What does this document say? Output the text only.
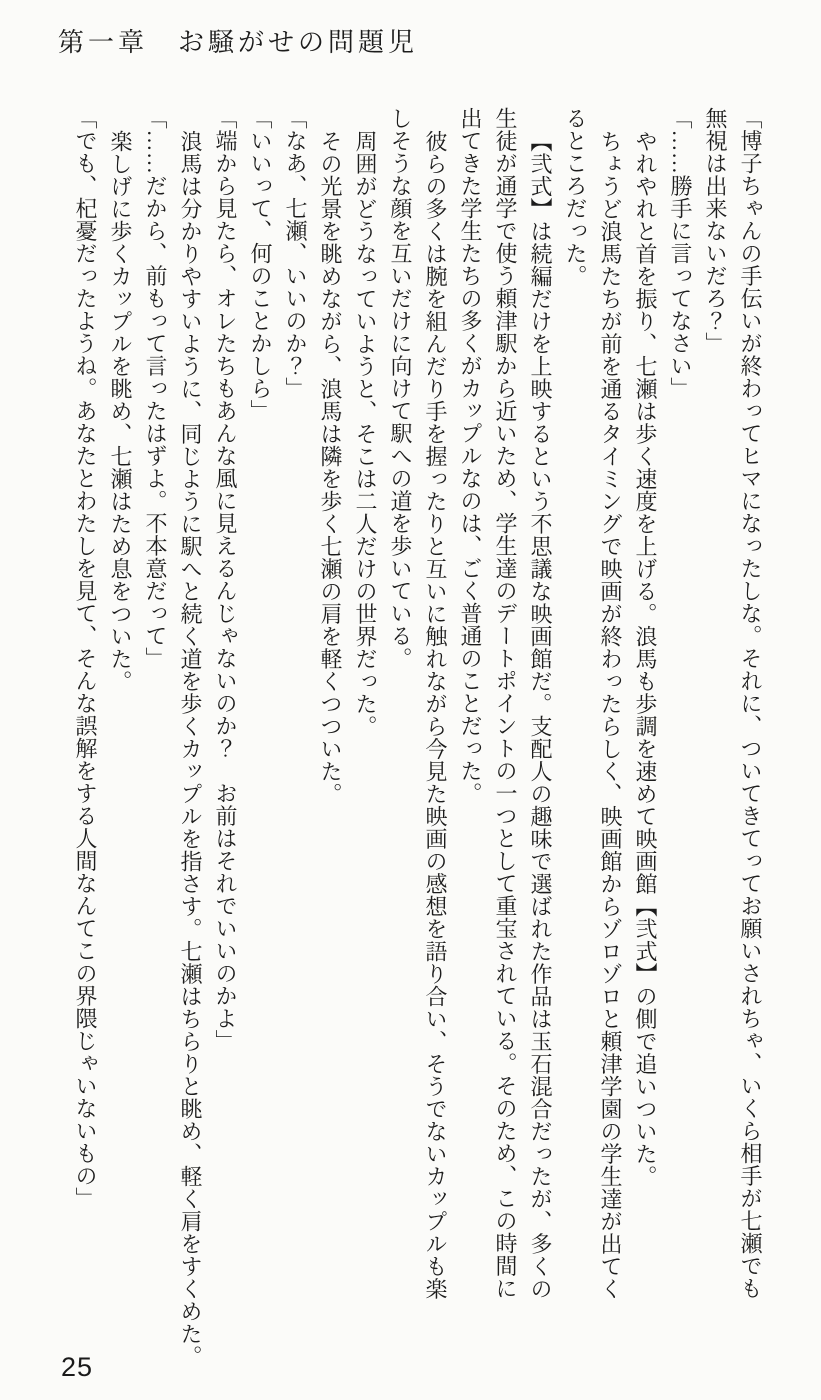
第一章　お騒がせの問題児
「博子ちゃんの手伝いが終わってヒマになったしな。それに、ついてきてってお願いされちゃ、いくら相手が七瀬でも
無視は出来ないだろ？」
「……勝手に言ってなさい」
やれやれと首を振り、七瀬は歩く速度を上げる。浪馬も歩調を速めて映画館【弐式】の側で追いついた。
ちょうど浪馬たちが前を通るタイミングで映画が終わったらしく、映画館からゾロゾロと頼津学園の学生達が出てく
るところだった。
【弐式】は続編だけを上映するという不思議な映画館だ。支配人の趣味で選ばれた作品は玉石混合だったが、多くの
生徒が通学で使う頼津駅から近いため、学生達のデートポイントの一つとして重宝されている。そのため、この時間に
出てきた学生たちの多くがカップルなのは、ごく普通のことだった。
彼らの多くは腕を組んだり手を握ったりと互いに触れながら今見た映画の感想を語り合い、そうでないカップルも楽
しそうな顔を互いだけに向けて駅への道を歩いている。
周囲がどうなっていようと、そこは二人だけの世界だった。
その光景を眺めながら、浪馬は隣を歩く七瀬の肩を軽くつついた。
「なあ、七瀬、いいのか？」
「いいって、何のことかしら」
「端から見たら、オレたちもあんな風に見えるんじゃないのか？　お前はそれでいいのかよ」
浪馬は分かりやすいように、同じように駅へと続く道を歩くカップルを指さす。七瀬はちらりと眺め、軽く肩をすくめた。
「……だから、前もって言ったはずよ。不本意だって」
楽しげに歩くカップルを眺め、七瀬はため息をついた。
「でも、杞憂だったようね。あなたとわたしを見て、そんな誤解をする人間なんてこの界隈じゃいないもの」
25
